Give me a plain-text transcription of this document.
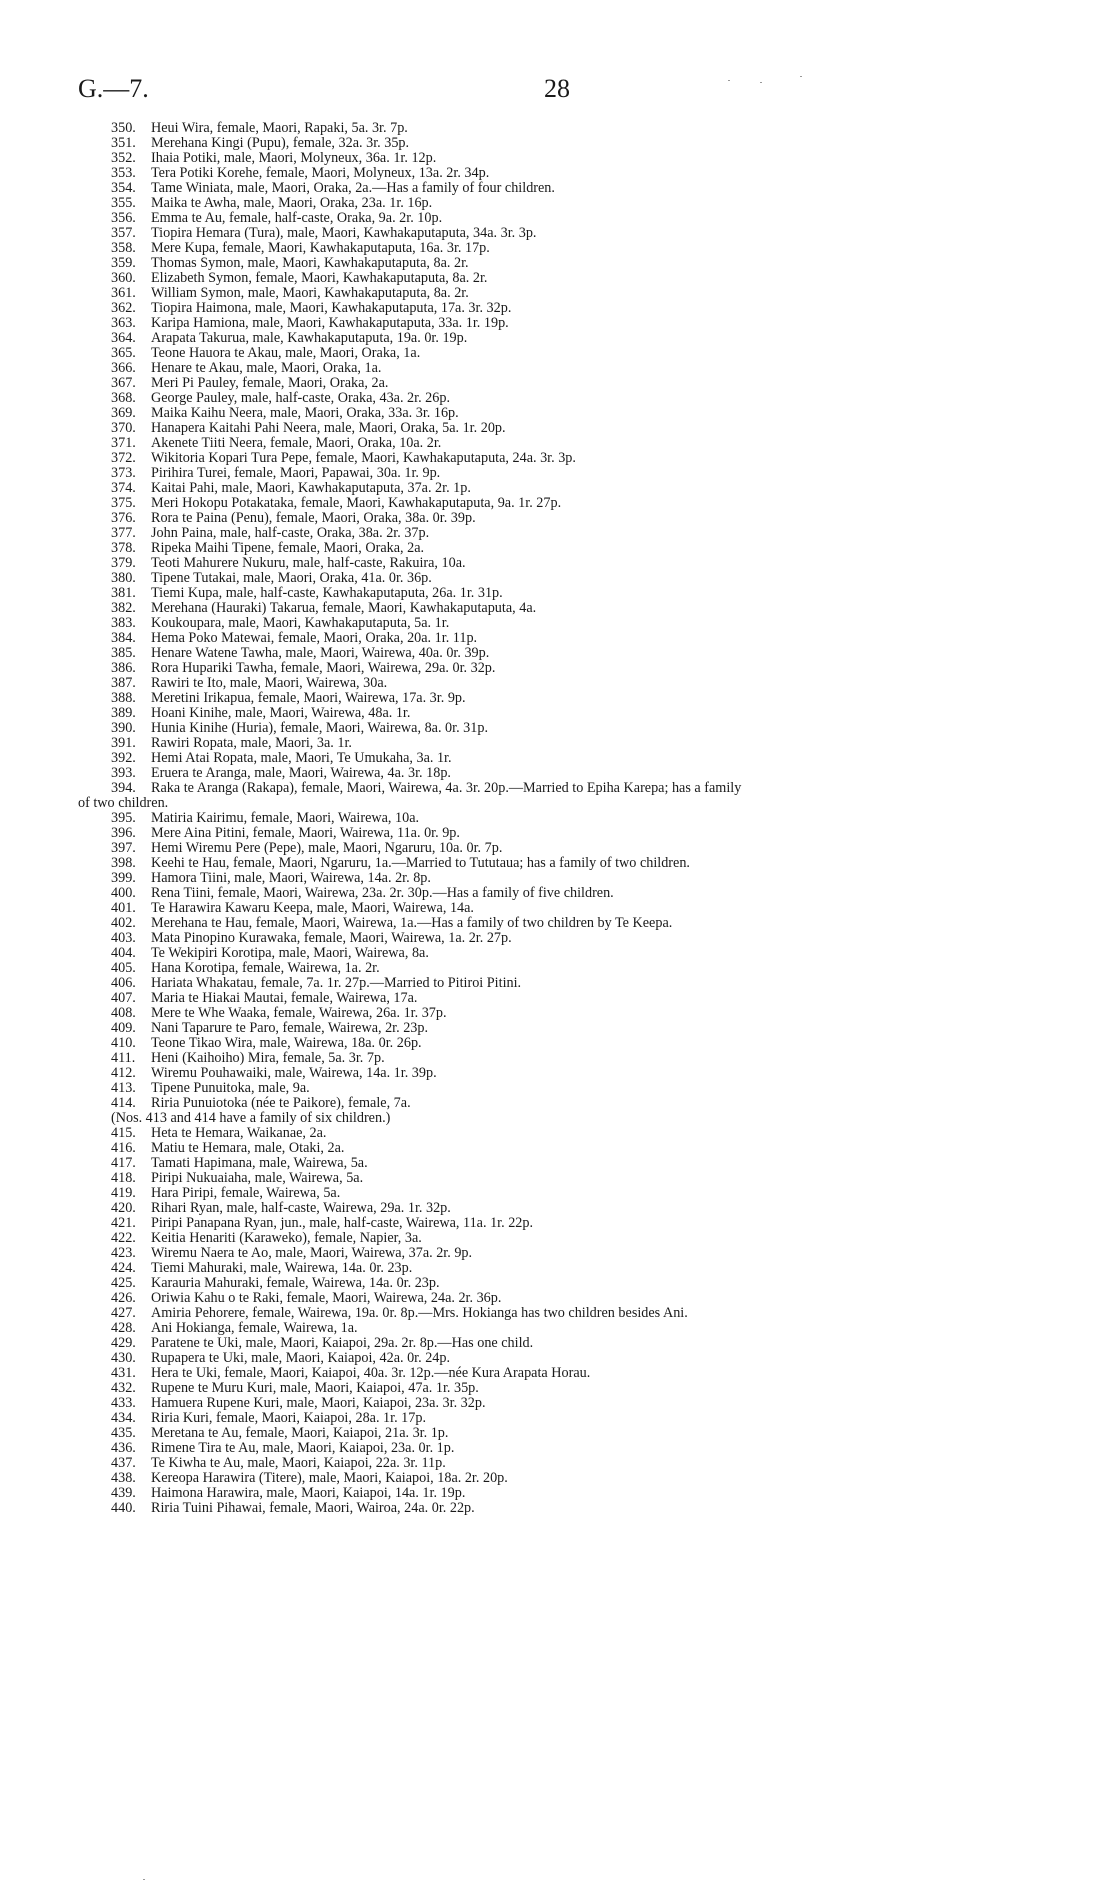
G.—7.	28
350. Heui Wira, female, Maori, Rapaki, 5a. 3r. 7p.
351. Merehana Kingi (Pupu), female, 32a. 3r. 35p.
352. Ihaia Potiki, male, Maori, Molyneux, 36a. 1r. 12p.
353. Tera Potiki Korehe, female, Maori, Molyneux, 13a. 2r. 34p.
354. Tame Winiata, male, Maori, Oraka, 2a.—Has a family of four children.
355. Maika te Awha, male, Maori, Oraka, 23a. 1r. 16p.
356. Emma te Au, female, half-caste, Oraka, 9a. 2r. 10p.
357. Tiopira Hemara (Tura), male, Maori, Kawhakaputaputa, 34a. 3r. 3p.
358. Mere Kupa, female, Maori, Kawhakaputaputa, 16a. 3r. 17p.
359. Thomas Symon, male, Maori, Kawhakaputaputa, 8a. 2r.
360. Elizabeth Symon, female, Maori, Kawhakaputaputa, 8a. 2r.
361. William Symon, male, Maori, Kawhakaputaputa, 8a. 2r.
362. Tiopira Haimona, male, Maori, Kawhakaputaputa, 17a. 3r. 32p.
363. Karipa Hamiona, male, Maori, Kawhakaputaputa, 33a. 1r. 19p.
364. Arapata Takurua, male, Kawhakaputaputa, 19a. 0r. 19p.
365. Teone Hauora te Akau, male, Maori, Oraka, 1a.
366. Henare te Akau, male, Maori, Oraka, 1a.
367. Meri Pi Pauley, female, Maori, Oraka, 2a.
368. George Pauley, male, half-caste, Oraka, 43a. 2r. 26p.
369. Maika Kaihu Neera, male, Maori, Oraka, 33a. 3r. 16p.
370. Hanapera Kaitahi Pahi Neera, male, Maori, Oraka, 5a. 1r. 20p.
371. Akenete Tiiti Neera, female, Maori, Oraka, 10a. 2r.
372. Wikitoria Kopari Tura Pepe, female, Maori, Kawhakaputaputa, 24a. 3r. 3p.
373. Pirihira Turei, female, Maori, Papawai, 30a. 1r. 9p.
374. Kaitai Pahi, male, Maori, Kawhakaputaputa, 37a. 2r. 1p.
375. Meri Hokopu Potakataka, female, Maori, Kawhakaputaputa, 9a. 1r. 27p.
376. Rora te Paina (Penu), female, Maori, Oraka, 38a. 0r. 39p.
377. John Paina, male, half-caste, Oraka, 38a. 2r. 37p.
378. Ripeka Maihi Tipene, female, Maori, Oraka, 2a.
379. Teoti Mahurere Nukuru, male, half-caste, Rakuira, 10a.
380. Tipene Tutakai, male, Maori, Oraka, 41a. 0r. 36p.
381. Tiemi Kupa, male, half-caste, Kawhakaputaputa, 26a. 1r. 31p.
382. Merehana (Hauraki) Takarua, female, Maori, Kawhakaputaputa, 4a.
383. Koukoupara, male, Maori, Kawhakaputaputa, 5a. 1r.
384. Hema Poko Matewai, female, Maori, Oraka, 20a. 1r. 11p.
385. Henare Watene Tawha, male, Maori, Wairewa, 40a. 0r. 39p.
386. Rora Hupariki Tawha, female, Maori, Wairewa, 29a. 0r. 32p.
387. Rawiri te Ito, male, Maori, Wairewa, 30a.
388. Meretini Irikapua, female, Maori, Wairewa, 17a. 3r. 9p.
389. Hoani Kinihe, male, Maori, Wairewa, 48a. 1r.
390. Hunia Kinihe (Huria), female, Maori, Wairewa, 8a. 0r. 31p.
391. Rawiri Ropata, male, Maori, 3a. 1r.
392. Hemi Atai Ropata, male, Maori, Te Umukaha, 3a. 1r.
393. Eruera te Aranga, male, Maori, Wairewa, 4a. 3r. 18p.
394. Raka te Aranga (Rakapa), female, Maori, Wairewa, 4a. 3r. 20p.—Married to Epiha Karepa; has a family
of two children.
395. Matiria Kairimu, female, Maori, Wairewa, 10a.
396. Mere Aina Pitini, female, Maori, Wairewa, 11a. 0r. 9p.
397. Hemi Wiremu Pere (Pepe), male, Maori, Ngaruru, 10a. 0r. 7p.
398. Keehi te Hau, female, Maori, Ngaruru, 1a.—Married to Tututaua; has a family of two children.
399. Hamora Tiini, male, Maori, Wairewa, 14a. 2r. 8p.
400. Rena Tiini, female, Maori, Wairewa, 23a. 2r. 30p.—Has a family of five children.
401. Te Harawira Kawaru Keepa, male, Maori, Wairewa, 14a.
402. Merehana te Hau, female, Maori, Wairewa, 1a.—Has a family of two children by Te Keepa.
403. Mata Pinopino Kurawaka, female, Maori, Wairewa, 1a. 2r. 27p.
404. Te Wekipiri Korotipa, male, Maori, Wairewa, 8a.
405. Hana Korotipa, female, Wairewa, 1a. 2r.
406. Hariata Whakatau, female, 7a. 1r. 27p.—Married to Pitiroi Pitini.
407. Maria te Hiakai Mautai, female, Wairewa, 17a.
408. Mere te Whe Waaka, female, Wairewa, 26a. 1r. 37p.
409. Nani Taparure te Paro, female, Wairewa, 2r. 23p.
410. Teone Tikao Wira, male, Wairewa, 18a. 0r. 26p.
411. Heni (Kaihoiho) Mira, female, 5a. 3r. 7p.
412. Wiremu Pouhawaiki, male, Wairewa, 14a. 1r. 39p.
413. Tipene Punuitoka, male, 9a.
414. Riria Punuiotoka (née te Paikore), female, 7a.
(Nos. 413 and 414 have a family of six children.)
415. Heta te Hemara, Waikanae, 2a.
416. Matiu te Hemara, male, Otaki, 2a.
417. Tamati Hapimana, male, Wairewa, 5a.
418. Piripi Nukuaiaha, male, Wairewa, 5a.
419. Hara Piripi, female, Wairewa, 5a.
420. Rihari Ryan, male, half-caste, Wairewa, 29a. 1r. 32p.
421. Piripi Panapana Ryan, jun., male, half-caste, Wairewa, 11a. 1r. 22p.
422. Keitia Henariti (Karaweko), female, Napier, 3a.
423. Wiremu Naera te Ao, male, Maori, Wairewa, 37a. 2r. 9p.
424. Tiemi Mahuraki, male, Wairewa, 14a. 0r. 23p.
425. Karauria Mahuraki, female, Wairewa, 14a. 0r. 23p.
426. Oriwia Kahu o te Raki, female, Maori, Wairewa, 24a. 2r. 36p.
427. Amiria Pehorere, female, Wairewa, 19a. 0r. 8p.—Mrs. Hokianga has two children besides Ani.
428. Ani Hokianga, female, Wairewa, 1a.
429. Paratene te Uki, male, Maori, Kaiapoi, 29a. 2r. 8p.—Has one child.
430. Rupapera te Uki, male, Maori, Kaiapoi, 42a. 0r. 24p.
431. Hera te Uki, female, Maori, Kaiapoi, 40a. 3r. 12p.—née Kura Arapata Horau.
432. Rupene te Muru Kuri, male, Maori, Kaiapoi, 47a. 1r. 35p.
433. Hamuera Rupene Kuri, male, Maori, Kaiapoi, 23a. 3r. 32p.
434. Riria Kuri, female, Maori, Kaiapoi, 28a. 1r. 17p.
435. Meretana te Au, female, Maori, Kaiapoi, 21a. 3r. 1p.
436. Rimene Tira te Au, male, Maori, Kaiapoi, 23a. 0r. 1p.
437. Te Kiwha te Au, male, Maori, Kaiapoi, 22a. 3r. 11p.
438. Kereopa Harawira (Titere), male, Maori, Kaiapoi, 18a. 2r. 20p.
439. Haimona Harawira, male, Maori, Kaiapoi, 14a. 1r. 19p.
440. Riria Tuini Pihawai, female, Maori, Wairoa, 24a. 0r. 22p.
